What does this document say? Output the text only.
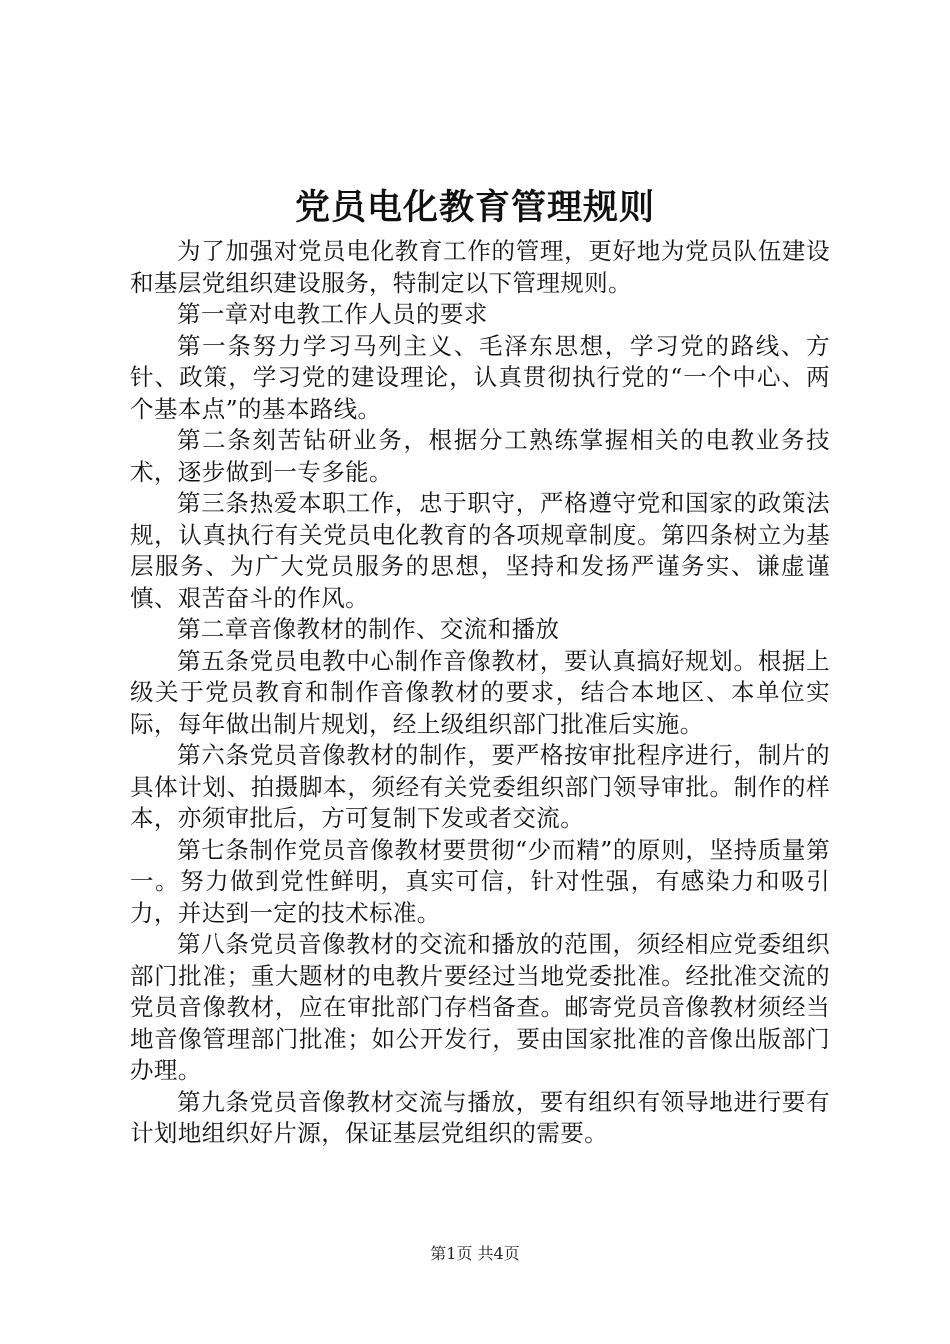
党员电化教育管理规则

为了加强对党员电化教育工作的管理，更好地为党员队伍建设和基层党组织建设服务，特制定以下管理规则。

第一章对电教工作人员的要求

第一条努力学习马列主义、毛泽东思想，学习党的路线、方针、政策，学习党的建设理论，认真贯彻执行党的“一个中心、两个基本点”的基本路线。

第二条刻苦钻研业务，根据分工熟练掌握相关的电教业务技术，逐步做到一专多能。

第三条热爱本职工作，忠于职守，严格遵守党和国家的政策法规，认真执行有关党员电化教育的各项规章制度。第四条树立为基层服务、为广大党员服务的思想，坚持和发扬严谨务实、谦虚谨慎、艰苦奋斗的作风。

第二章音像教材的制作、交流和播放

第五条党员电教中心制作音像教材，要认真搞好规划。根据上级关于党员教育和制作音像教材的要求，结合本地区、本单位实际，每年做出制片规划，经上级组织部门批准后实施。

第六条党员音像教材的制作，要严格按审批程序进行，制片的具体计划、拍摄脚本，须经有关党委组织部门领导审批。制作的样本，亦须审批后，方可复制下发或者交流。

第七条制作党员音像教材要贯彻“少而精”的原则，坚持质量第一。努力做到党性鲜明，真实可信，针对性强，有感染力和吸引力，并达到一定的技术标准。

第八条党员音像教材的交流和播放的范围，须经相应党委组织部门批准；重大题材的电教片要经过当地党委批准。经批准交流的党员音像教材，应在审批部门存档备查。邮寄党员音像教材须经当地音像管理部门批准；如公开发行，要由国家批准的音像出版部门办理。

第九条党员音像教材交流与播放，要有组织有领导地进行要有计划地组织好片源，保证基层党组织的需要。

第1页 共4页
